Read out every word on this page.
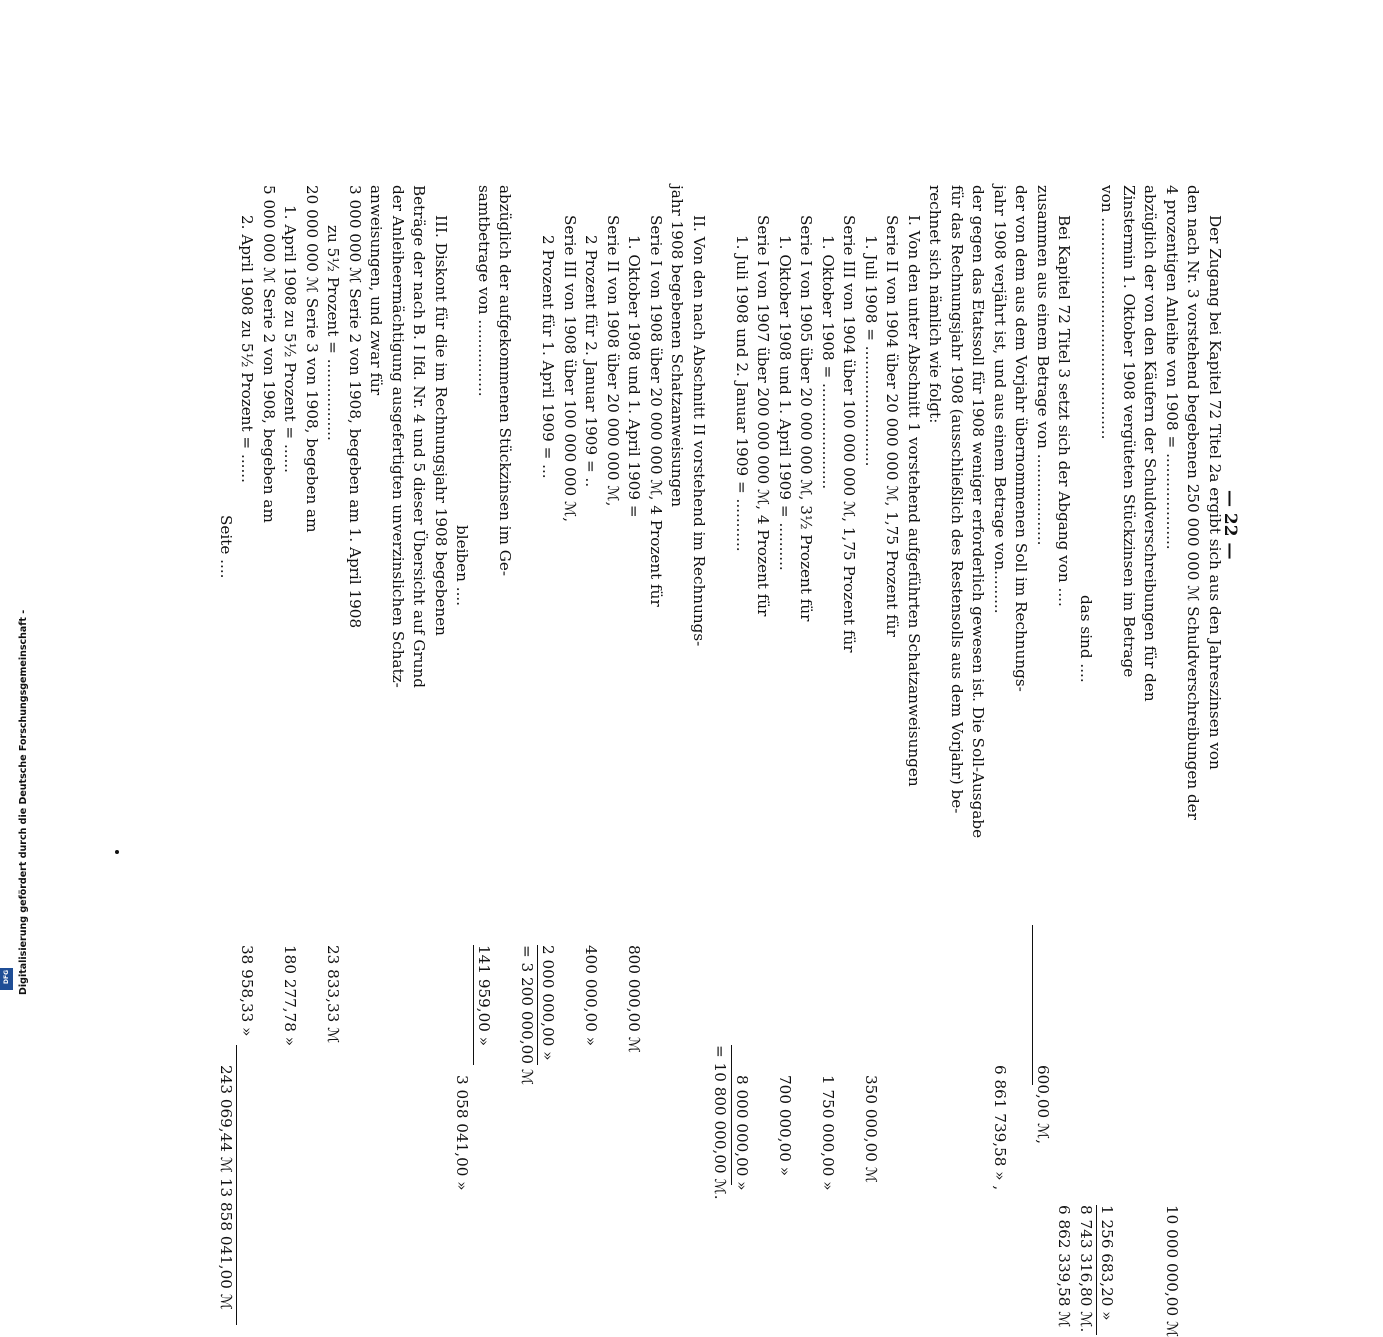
— 22 —
Der Zugang bei Kapitel 72 Titel 2a ergibt sich aus den Jahreszinsen von
den nach Nr. 3 vorstehend begebenen 250 000 000 ℳ Schuldverschreibungen der
4 prozentigen Anleihe von 1908 = ....................
10 000 000,00 ℳ
abzüglich der von den Käufern der Schuldverschreibungen für den
Zinstermin 1. Oktober 1908 vergüteten Stückzinsen im Betrage
von ..............................................
1 256 683,20 »
das sind ....
8 743 316,80 ℳ.
Bei Kapitel 72 Titel 3 setzt sich der Abgang von ....
6 862 339,58 ℳ
zusammen aus einem Betrage von ...................
600,00 ℳ,
der von dem aus dem Vorjahr übernommenen Soll im Rechnungs-
jahr 1908 verjährt ist, und aus einem Betrage von.........
6 861 739,58 » ,
der gegen das Etatssoll für 1908 weniger erforderlich gewesen ist. Die Soll-Ausgabe
für das Rechnungsjahr 1908 (ausschließlich des Restensolls aus dem Vorjahr) be-
rechnet sich nämlich wie folgt:
I. Von den unter Abschnitt 1 vorstehend aufgeführten Schatzanweisungen
Serie II von 1904 über 20 000 000 ℳ, 1,75 Prozent für
1. Juli 1908 = .........................
350 000,00 ℳ
Serie III von 1904 über 100 000 000 ℳ, 1,75 Prozent für
1. Oktober 1908 = ......................
1 750 000,00 »
Serie I von 1905 über 20 000 000 ℳ, 3½ Prozent für
1. Oktober 1908 und 1. April 1909 = ..........
700 000,00 »
Serie I von 1907 über 200 000 000 ℳ, 4 Prozent für
1. Juli 1908 und 2. Januar 1909 = ...........
8 000 000,00 »
= 10 800 000,00 ℳ.
II. Von den nach Abschnitt II vorstehend im Rechnungs-
jahr 1908 begebenen Schatzanweisungen
Serie I von 1908 über 20 000 000 ℳ, 4 Prozent für
1. Oktober 1908 und 1. April 1909 =
800 000,00 ℳ
Serie II von 1908 über 20 000 000 ℳ,
2 Prozent für 2. Januar 1909 = ..
400 000,00 »
Serie III von 1908 über 100 000 000 ℳ,
2 Prozent für 1. April 1909 = ...
2 000 000,00 »
= 3 200 000,00 ℳ
abzüglich der aufgekommenen Stückzinsen im Ge-
samtbetrage von ................
141 959,00 »
bleiben ....
3 058 041,00 »
III. Diskont für die im Rechnungsjahr 1908 begebenen
Beträge der nach B. I lfd. Nr. 4 und 5 dieser Übersicht auf Grund
der Anleiheermächtigung ausgefertigten unverzinslichen Schatz-
anweisungen, und zwar für
3 000 000 ℳ Serie 2 von 1908, begeben am 1. April 1908
zu 5½ Prozent = .................
23 833,33 ℳ
20 000 000 ℳ Serie 3 von 1908, begeben am
1. April 1908 zu 5½ Prozent = ......
180 277,78 »
5 000 000 ℳ Serie 2 von 1908, begeben am
2. April 1908 zu 5½ Prozent = ......
38 958,33 »
Seite ....
243 069,44 ℳ 13 858 041,00 ℳ
Digitalisierung gefördert durch die Deutsche Forschungsgemeinschaft -
DFG
